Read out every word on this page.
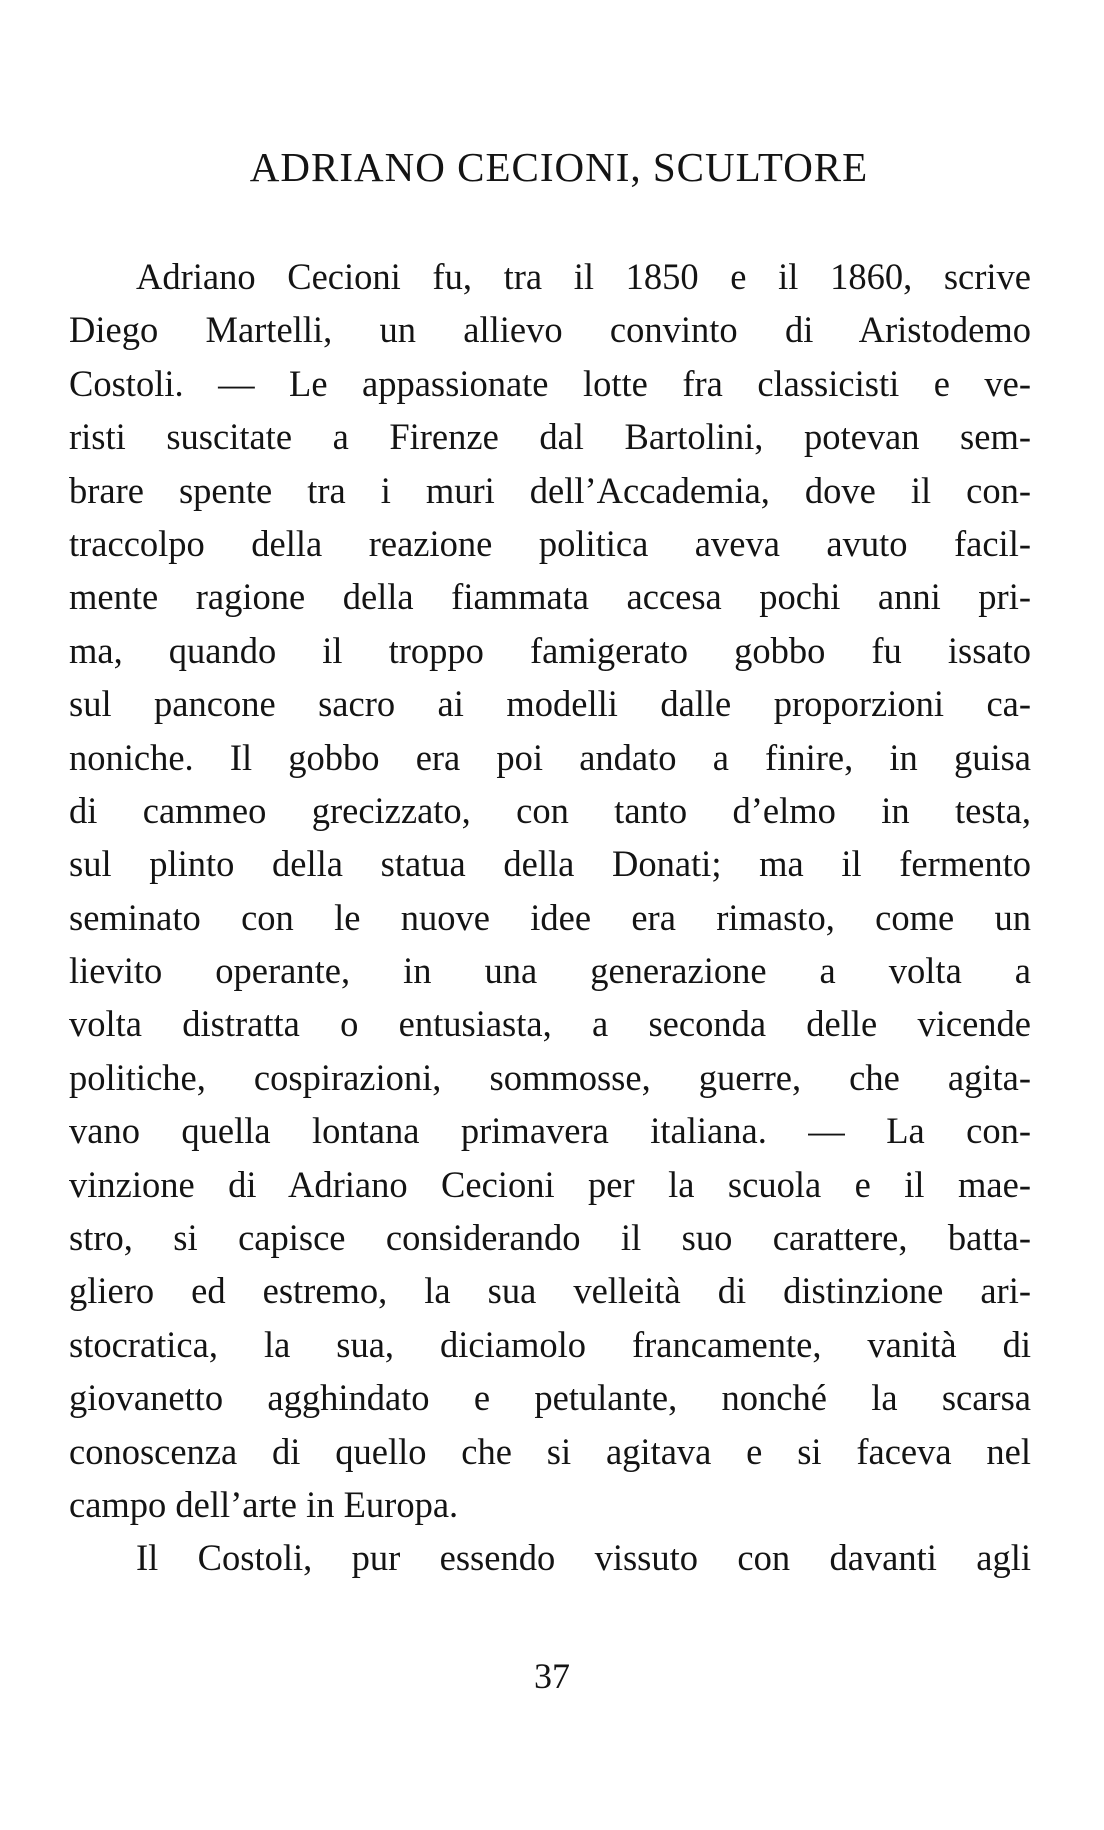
ADRIANO CECIONI, SCULTORE
Adriano Cecioni fu, tra il 1850 e il 1860, scrive
Diego Martelli, un allievo convinto di Aristodemo
Costoli. — Le appassionate lotte fra classicisti e ve-
risti suscitate a Firenze dal Bartolini, potevan sem-
brare spente tra i muri dell’Accademia, dove il con-
traccolpo della reazione politica aveva avuto facil-
mente ragione della fiammata accesa pochi anni pri-
ma, quando il troppo famigerato gobbo fu issato
sul pancone sacro ai modelli dalle proporzioni ca-
noniche. Il gobbo era poi andato a finire, in guisa
di cammeo grecizzato, con tanto d’elmo in testa,
sul plinto della statua della Donati; ma il fermento
seminato con le nuove idee era rimasto, come un
lievito operante, in una generazione a volta a
volta distratta o entusiasta, a seconda delle vicende
politiche, cospirazioni, sommosse, guerre, che agita-
vano quella lontana primavera italiana. — La con-
vinzione di Adriano Cecioni per la scuola e il mae-
stro, si capisce considerando il suo carattere, batta-
gliero ed estremo, la sua velleità di distinzione ari-
stocratica, la sua, diciamolo francamente, vanità di
giovanetto agghindato e petulante, nonché la scarsa
conoscenza di quello che si agitava e si faceva nel
campo dell’arte in Europa.
Il Costoli, pur essendo vissuto con davanti agli
37
